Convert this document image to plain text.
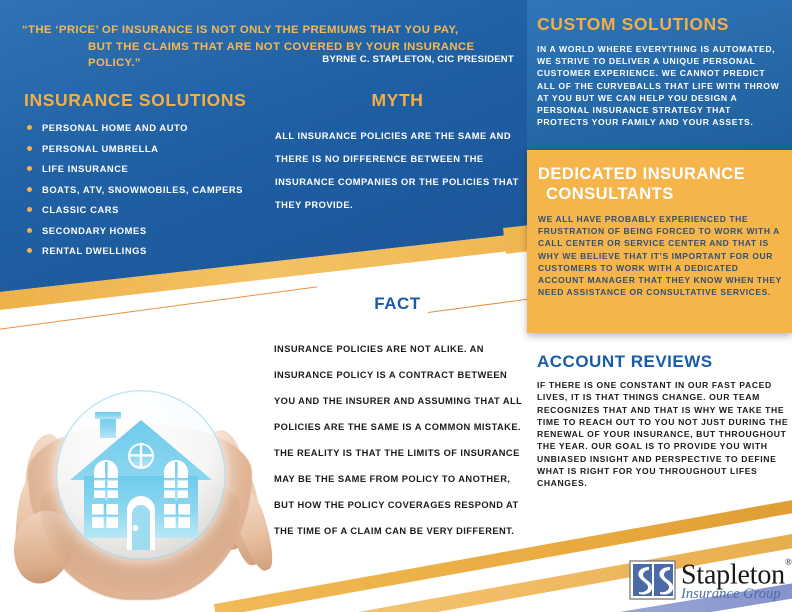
“THE ‘PRICE’ OF INSURANCE IS NOT ONLY THE PREMIUMS THAT YOU PAY,
BUT THE CLAIMS THAT ARE NOT COVERED BY YOUR INSURANCE POLICY.”	BYRNE C. STAPLETON, CIC PRESIDENT
INSURANCE SOLUTIONS
PERSONAL HOME AND AUTO
PERSONAL UMBRELLA
LIFE INSURANCE
BOATS, ATV, SNOWMOBILES, CAMPERS
CLASSIC CARS
SECONDARY HOMES
RENTAL DWELLINGS
MYTH

ALL INSURANCE POLICIES ARE THE SAME AND THERE IS NO DIFFERENCE BETWEEN THE INSURANCE COMPANIES OR THE POLICIES THAT THEY PROVIDE.

CUSTOM SOLUTIONS

IN A WORLD WHERE EVERYTHING IS AUTOMATED, WE STRIVE TO DELIVER A UNIQUE PERSONAL CUSTOMER EXPERIENCE. WE CANNOT PREDICT ALL OF THE CURVEBALLS THAT LIFE WITH THROW AT YOU BUT WE CAN HELP YOU DESIGN A PERSONAL INSURANCE STRATEGY THAT PROTECTS YOUR FAMILY AND YOUR ASSETS.

DEDICATED INSURANCE
CONSULTANTS

WE ALL HAVE PROBABLY EXPERIENCED THE FRUSTRATION OF BEING FORCED TO WORK WITH A CALL CENTER OR SERVICE CENTER AND THAT IS WHY WE BELIEVE THAT IT’S IMPORTANT FOR OUR CUSTOMERS TO WORK WITH A DEDICATED ACCOUNT MANAGER THAT THEY KNOW WHEN THEY NEED ASSISTANCE OR CONSULTATIVE SERVICES.

FACT

INSURANCE POLICIES ARE NOT ALIKE. AN INSURANCE POLICY IS A CONTRACT BETWEEN YOU AND THE INSURER AND ASSUMING THAT ALL POLICIES ARE THE SAME IS A COMMON MISTAKE. THE REALITY IS THAT THE LIMITS OF INSURANCE MAY BE THE SAME FROM POLICY TO ANOTHER, BUT HOW THE POLICY COVERAGES RESPOND AT THE TIME OF A CLAIM CAN BE VERY DIFFERENT.

ACCOUNT REVIEWS

IF THERE IS ONE CONSTANT IN OUR FAST PACED LIVES, IT IS THAT THINGS CHANGE. OUR TEAM RECOGNIZES THAT AND THAT IS WHY WE TAKE THE TIME TO REACH OUT TO YOU NOT JUST DURING THE RENEWAL OF YOUR INSURANCE, BUT THROUGHOUT THE YEAR. OUR GOAL IS TO PROVIDE YOU WITH UNBIASED INSIGHT AND PERSPECTIVE TO DEFINE WHAT IS RIGHT FOR YOU THROUGHOUT LIFES CHANGES.

Stapleton®
Insurance Group
